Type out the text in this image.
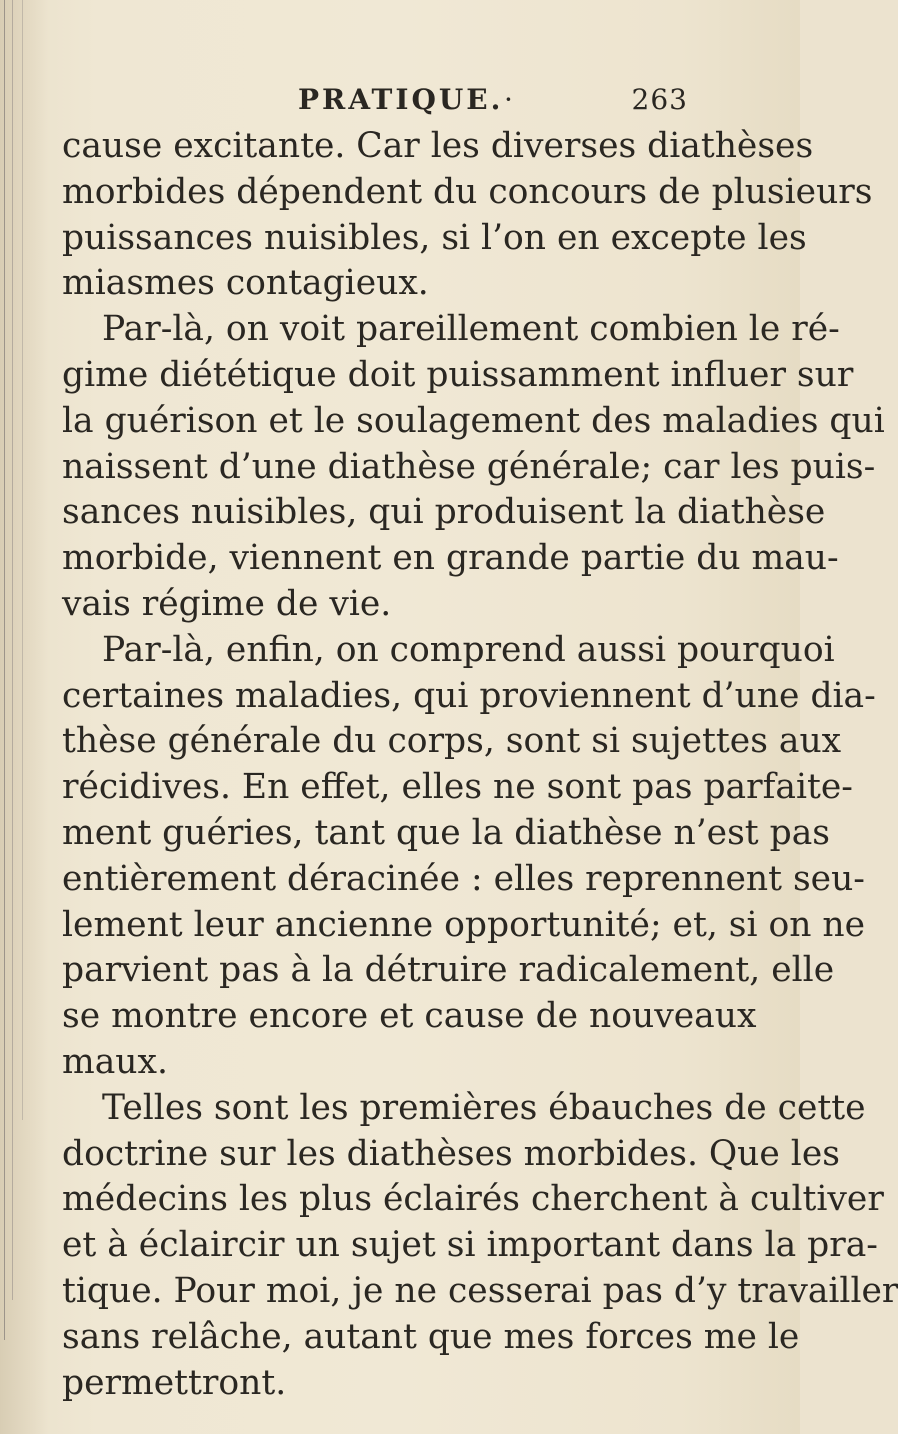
PRATIQUE. ·	263
cause excitante. Car les diverses diathèses
morbides dépendent du concours de plusieurs
puissances nuisibles, si l’on en excepte les
miasmes contagieux.
Par-là, on voit pareillement combien le ré-
gime diététique doit puissamment influer sur
la guérison et le soulagement des maladies qui
naissent d’une diathèse générale; car les puis-
sances nuisibles, qui produisent la diathèse
morbide, viennent en grande partie du mau-
vais régime de vie.
Par-là, enfin, on comprend aussi pourquoi
certaines maladies, qui proviennent d’une dia-
thèse générale du corps, sont si sujettes aux
récidives. En effet, elles ne sont pas parfaite-
ment guéries, tant que la diathèse n’est pas
entièrement déracinée : elles reprennent seu-
lement leur ancienne opportunité; et, si on ne
parvient pas à la détruire radicalement, elle
se montre encore et cause de nouveaux
maux.
Telles sont les premières ébauches de cette
doctrine sur les diathèses morbides. Que les
médecins les plus éclairés cherchent à cultiver
et à éclaircir un sujet si important dans la pra-
tique. Pour moi, je ne cesserai pas d’y travailler
sans relâche, autant que mes forces me le
permettront.
